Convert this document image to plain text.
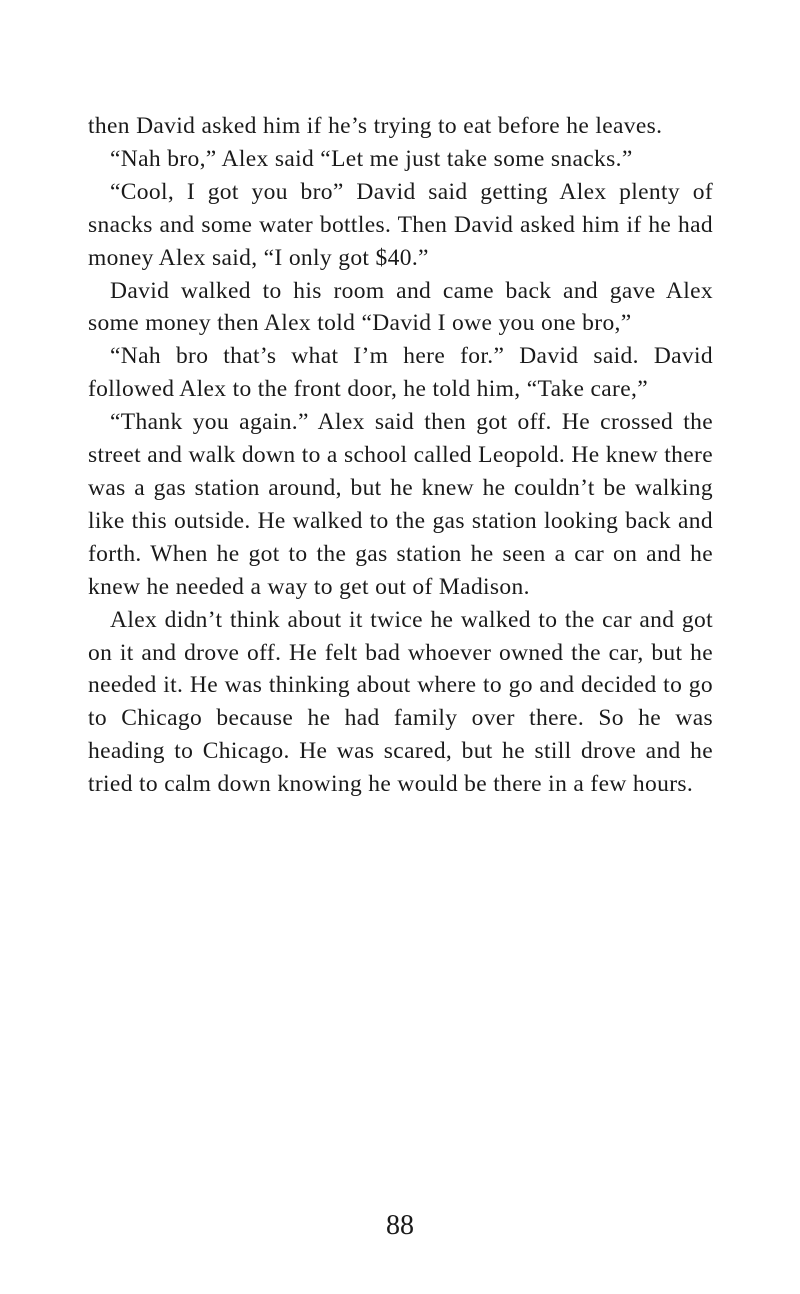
then David asked him if he’s trying to eat before he leaves.

“Nah bro,” Alex said “Let me just take some snacks.”

“Cool, I got you bro” David said getting Alex plenty of snacks and some water bottles. Then David asked him if he had money Alex said, “I only got $40.”

David walked to his room and came back and gave Alex some money then Alex told “David I owe you one bro,”

“Nah bro that’s what I’m here for.” David said. David followed Alex to the front door, he told him, “Take care,”

“Thank you again.” Alex said then got off. He crossed the street and walk down to a school called Leopold. He knew there was a gas station around, but he knew he couldn’t be walking like this outside. He walked to the gas station looking back and forth. When he got to the gas station he seen a car on and he knew he needed a way to get out of Madison.

Alex didn’t think about it twice he walked to the car and got on it and drove off. He felt bad whoever owned the car, but he needed it. He was thinking about where to go and decided to go to Chicago because he had family over there. So he was heading to Chicago. He was scared, but he still drove and he tried to calm down knowing he would be there in a few hours.

88
